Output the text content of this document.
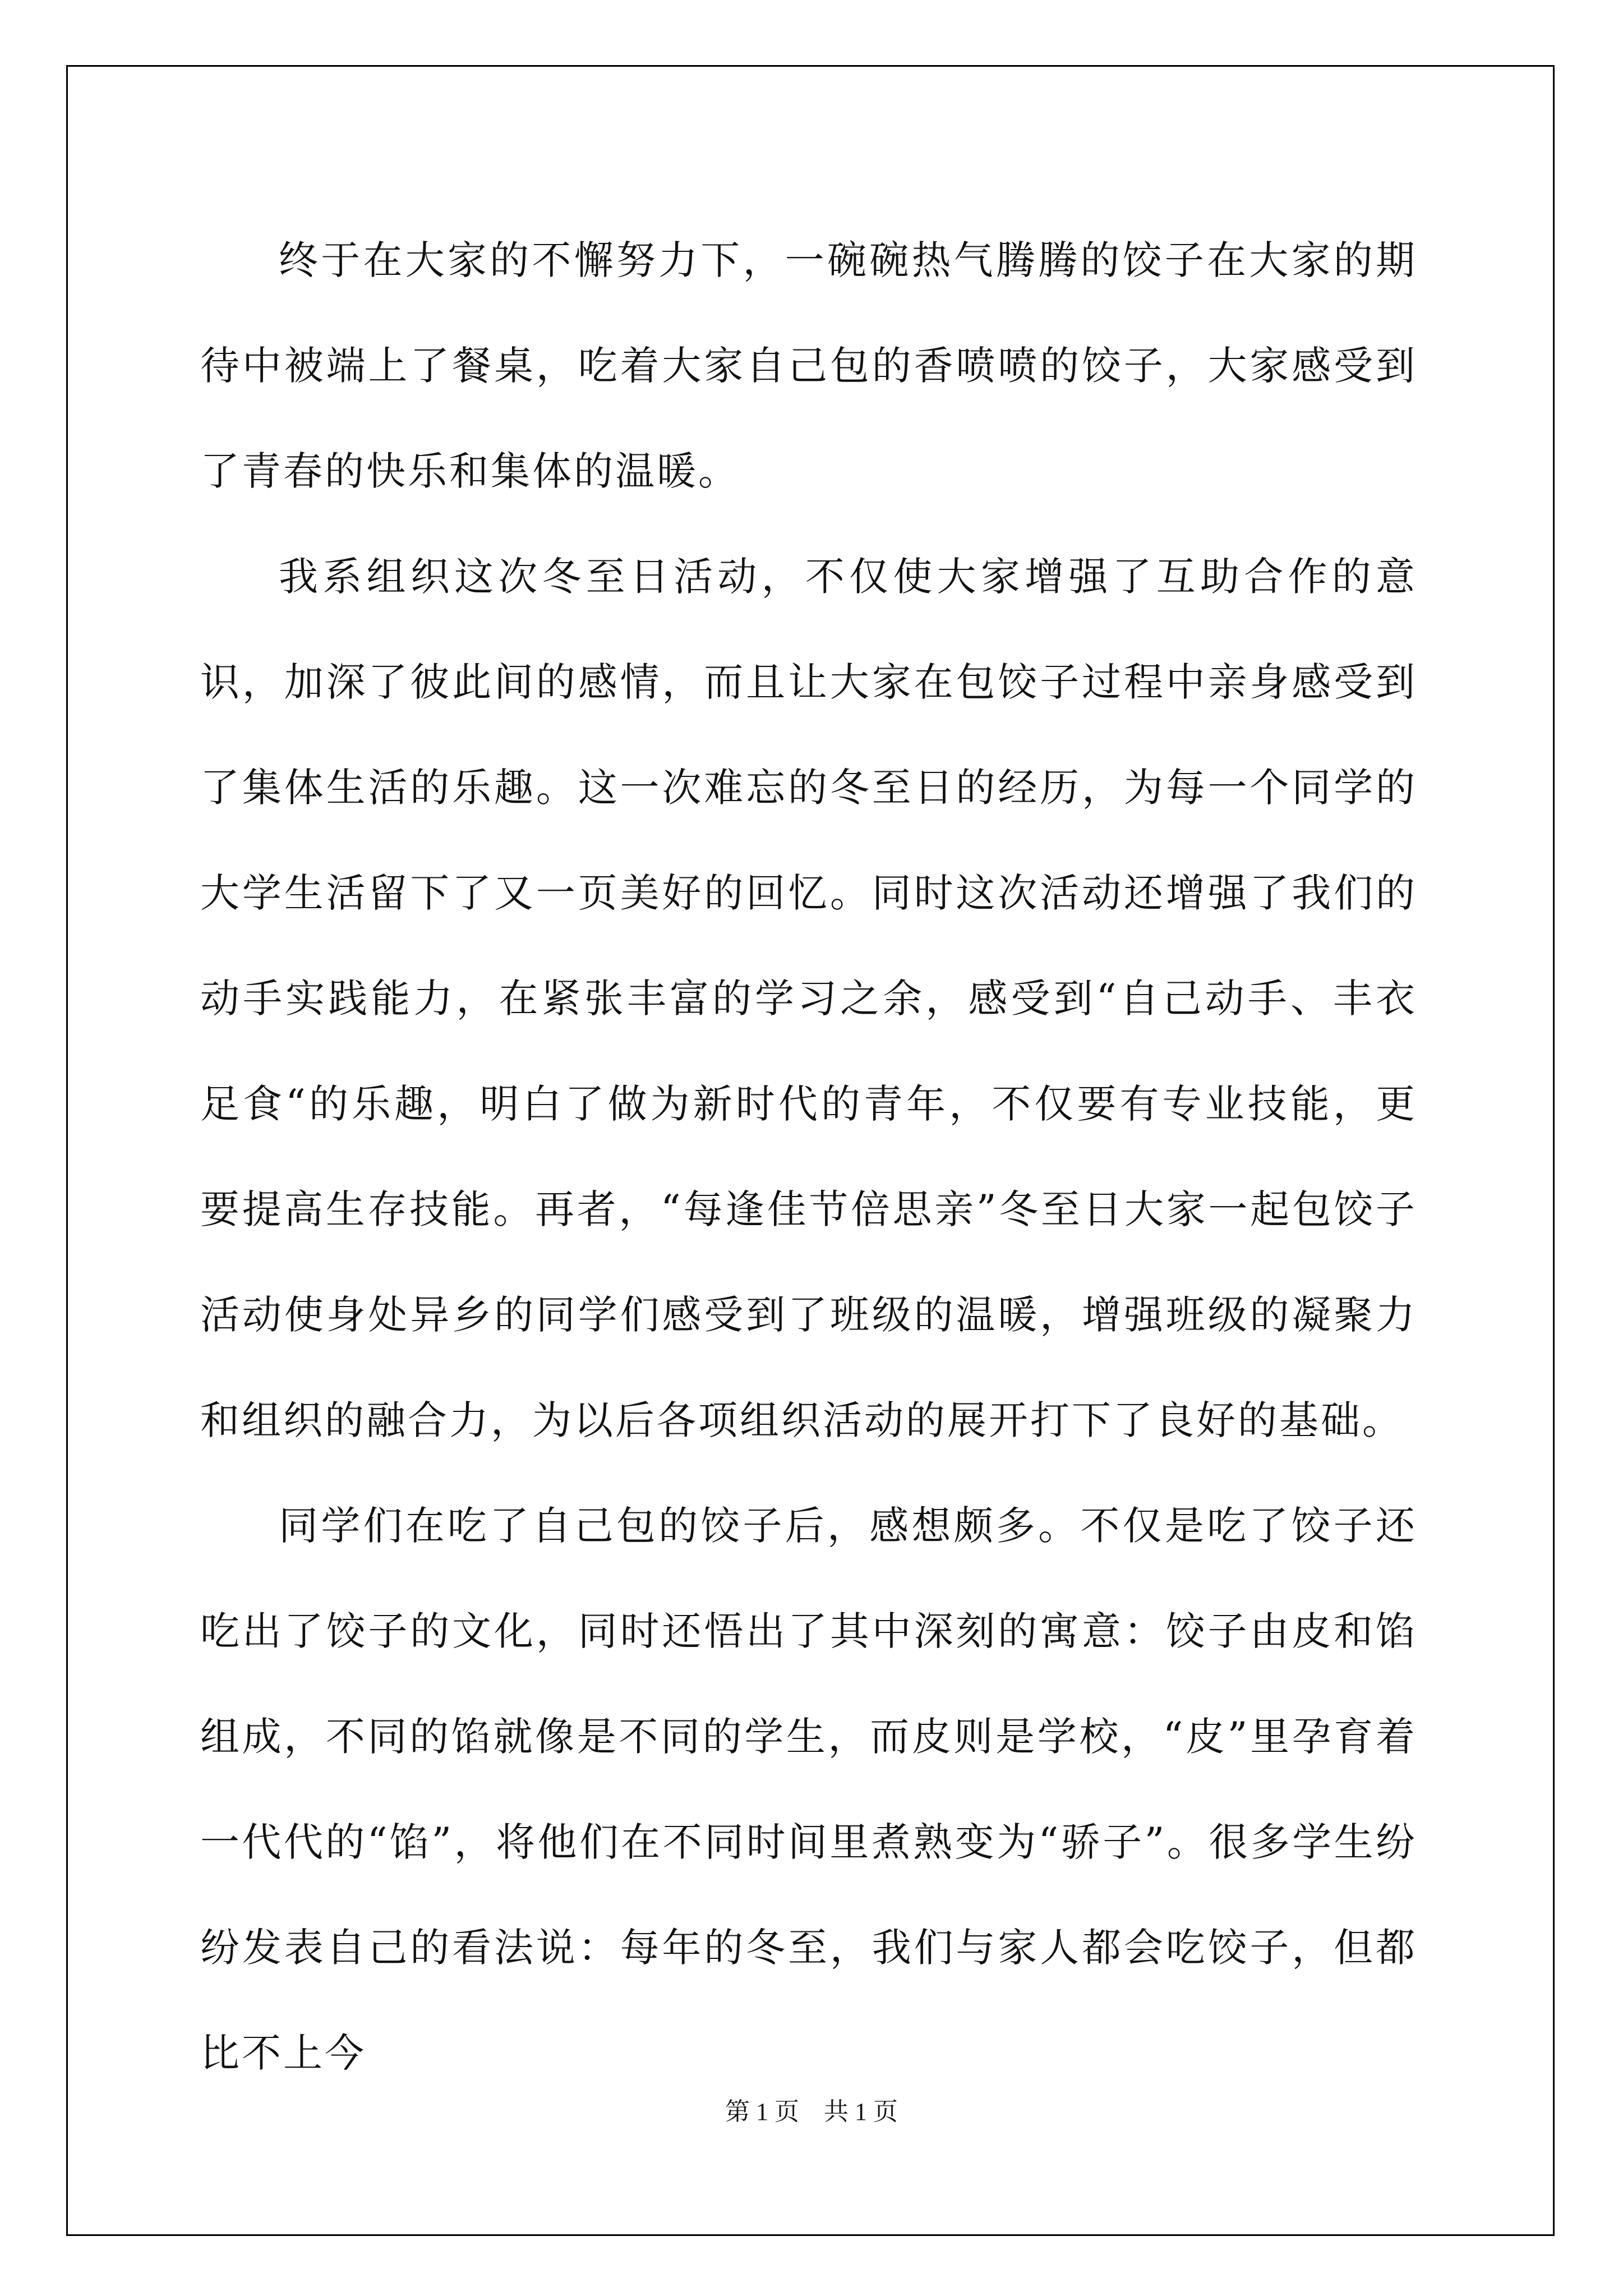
终于在大家的不懈努力下，一碗碗热气腾腾的饺子在大家的期待中被端上了餐桌，吃着大家自己包的香喷喷的饺子，大家感受到了青春的快乐和集体的温暖。

我系组织这次冬至日活动，不仅使大家增强了互助合作的意识，加深了彼此间的感情，而且让大家在包饺子过程中亲身感受到了集体生活的乐趣。这一次难忘的冬至日的经历，为每一个同学的大学生活留下了又一页美好的回忆。同时这次活动还增强了我们的动手实践能力，在紧张丰富的学习之余，感受到“自己动手、丰衣足食“的乐趣，明白了做为新时代的青年，不仅要有专业技能，更要提高生存技能。再者，“每逢佳节倍思亲”冬至日大家一起包饺子活动使身处异乡的同学们感受到了班级的温暖，增强班级的凝聚力和组织的融合力，为以后各项组织活动的展开打下了良好的基础。

同学们在吃了自己包的饺子后，感想颇多。不仅是吃了饺子还吃出了饺子的文化，同时还悟出了其中深刻的寓意：饺子由皮和馅组成，不同的馅就像是不同的学生，而皮则是学校，“皮”里孕育着一代代的“馅”，将他们在不同时间里煮熟变为“骄子”。很多学生纷纷发表自己的看法说：每年的冬至，我们与家人都会吃饺子，但都比不上今

第 1 页　共 1 页
